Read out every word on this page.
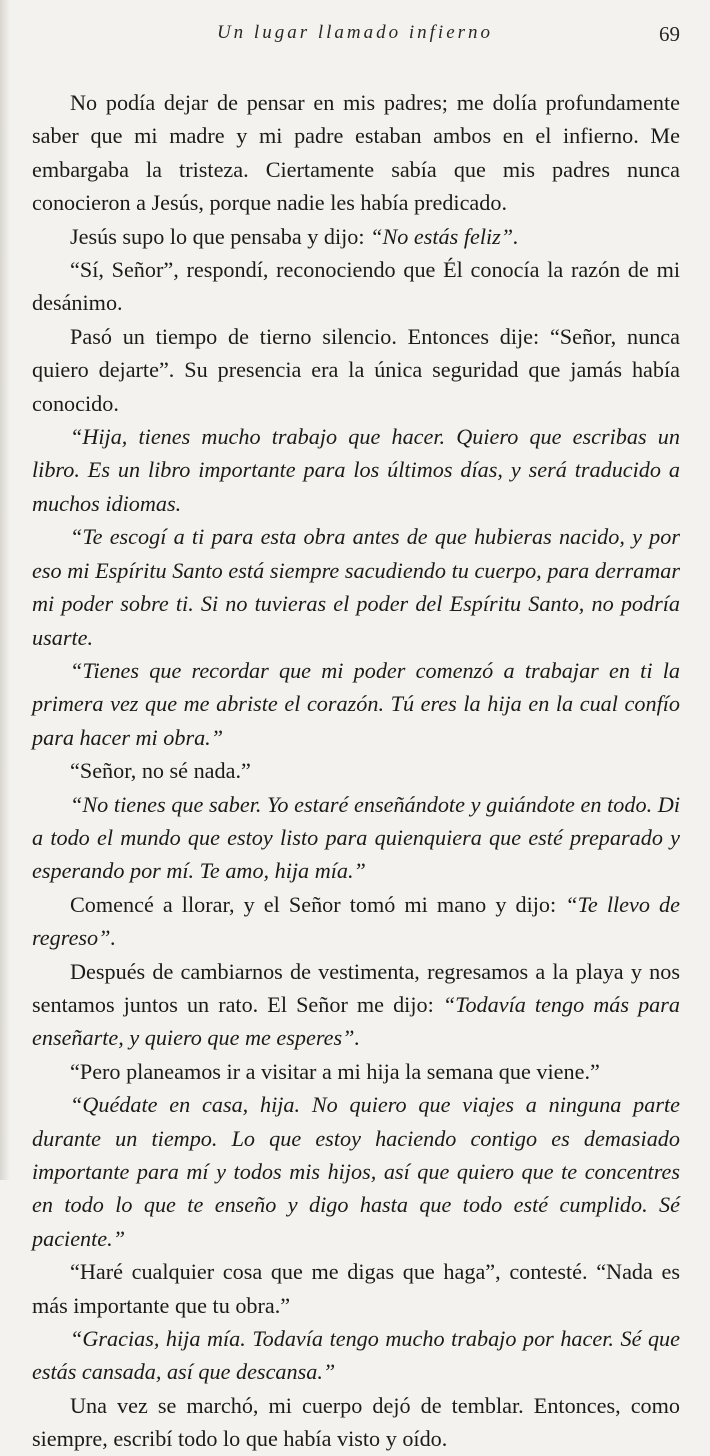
Un lugar llamado infierno	69

No podía dejar de pensar en mis padres; me dolía profundamente saber que mi madre y mi padre estaban ambos en el infierno. Me embargaba la tristeza. Ciertamente sabía que mis padres nunca conocieron a Jesús, porque nadie les había predicado.

Jesús supo lo que pensaba y dijo: “No estás feliz”.

“Sí, Señor”, respondí, reconociendo que Él conocía la razón de mi desánimo.

Pasó un tiempo de tierno silencio. Entonces dije: “Señor, nunca quiero dejarte”. Su presencia era la única seguridad que jamás había conocido.

“Hija, tienes mucho trabajo que hacer. Quiero que escribas un libro. Es un libro importante para los últimos días, y será traducido a muchos idiomas.

“Te escogí a ti para esta obra antes de que hubieras nacido, y por eso mi Espíritu Santo está siempre sacudiendo tu cuerpo, para derramar mi poder sobre ti. Si no tuvieras el poder del Espíritu Santo, no podría usarte.

“Tienes que recordar que mi poder comenzó a trabajar en ti la primera vez que me abriste el corazón. Tú eres la hija en la cual confío para hacer mi obra.”

“Señor, no sé nada.”

“No tienes que saber. Yo estaré enseñándote y guiándote en todo. Di a todo el mundo que estoy listo para quienquiera que esté preparado y esperando por mí. Te amo, hija mía.”

Comencé a llorar, y el Señor tomó mi mano y dijo: “Te llevo de regreso”.

Después de cambiarnos de vestimenta, regresamos a la playa y nos sentamos juntos un rato. El Señor me dijo: “Todavía tengo más para enseñarte, y quiero que me esperes”.

“Pero planeamos ir a visitar a mi hija la semana que viene.”

“Quédate en casa, hija. No quiero que viajes a ninguna parte durante un tiempo. Lo que estoy haciendo contigo es demasiado importante para mí y todos mis hijos, así que quiero que te concentres en todo lo que te enseño y digo hasta que todo esté cumplido. Sé paciente.”

“Haré cualquier cosa que me digas que haga”, contesté. “Nada es más importante que tu obra.”

“Gracias, hija mía. Todavía tengo mucho trabajo por hacer. Sé que estás cansada, así que descansa.”

Una vez se marchó, mi cuerpo dejó de temblar. Entonces, como siempre, escribí todo lo que había visto y oído.
